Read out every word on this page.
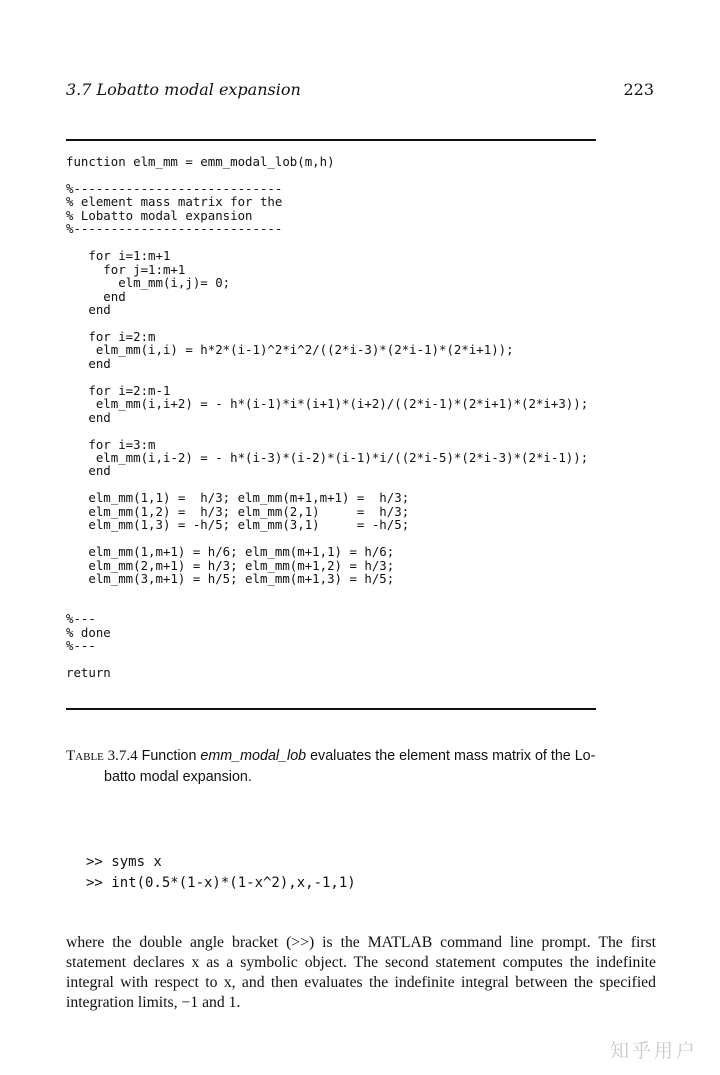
3.7 Lobatto modal expansion	223
function elm_mm = emm_modal_lob(m,h)

%----------------------------
% element mass matrix for the
% Lobatto modal expansion
%----------------------------

for i=1:m+1
for j=1:m+1
elm_mm(i,j)= 0;
end
end

for i=2:m
elm_mm(i,i) = h*2*(i-1)^2*i^2/((2*i-3)*(2*i-1)*(2*i+1));
end

for i=2:m-1
elm_mm(i,i+2) = - h*(i-1)*i*(i+1)*(i+2)/((2*i-1)*(2*i+1)*(2*i+3));
end

for i=3:m
elm_mm(i,i-2) = - h*(i-3)*(i-2)*(i-1)*i/((2*i-5)*(2*i-3)*(2*i-1));
end

elm_mm(1,1) =  h/3; elm_mm(m+1,m+1) =  h/3;
elm_mm(1,2) =  h/3; elm_mm(2,1)     =  h/3;
elm_mm(1,3) = -h/5; elm_mm(3,1)     = -h/5;

elm_mm(1,m+1) = h/6; elm_mm(m+1,1) = h/6;
elm_mm(2,m+1) = h/3; elm_mm(m+1,2) = h/3;
elm_mm(3,m+1) = h/5; elm_mm(m+1,3) = h/5;

%---
% done
%---

return
Table 3.7.4 Function emm_modal_lob evaluates the element mass matrix of the Lo-
batto modal expansion.
>> syms x
>> int(0.5*(1-x)*(1-x^2),x,-1,1)

where the double angle bracket (>>) is the MATLAB command line prompt. The first statement declares x as a symbolic object. The second statement computes the indefinite integral with respect to x, and then evaluates the indefinite integral between the specified integration limits, −1 and 1.

知乎用户
